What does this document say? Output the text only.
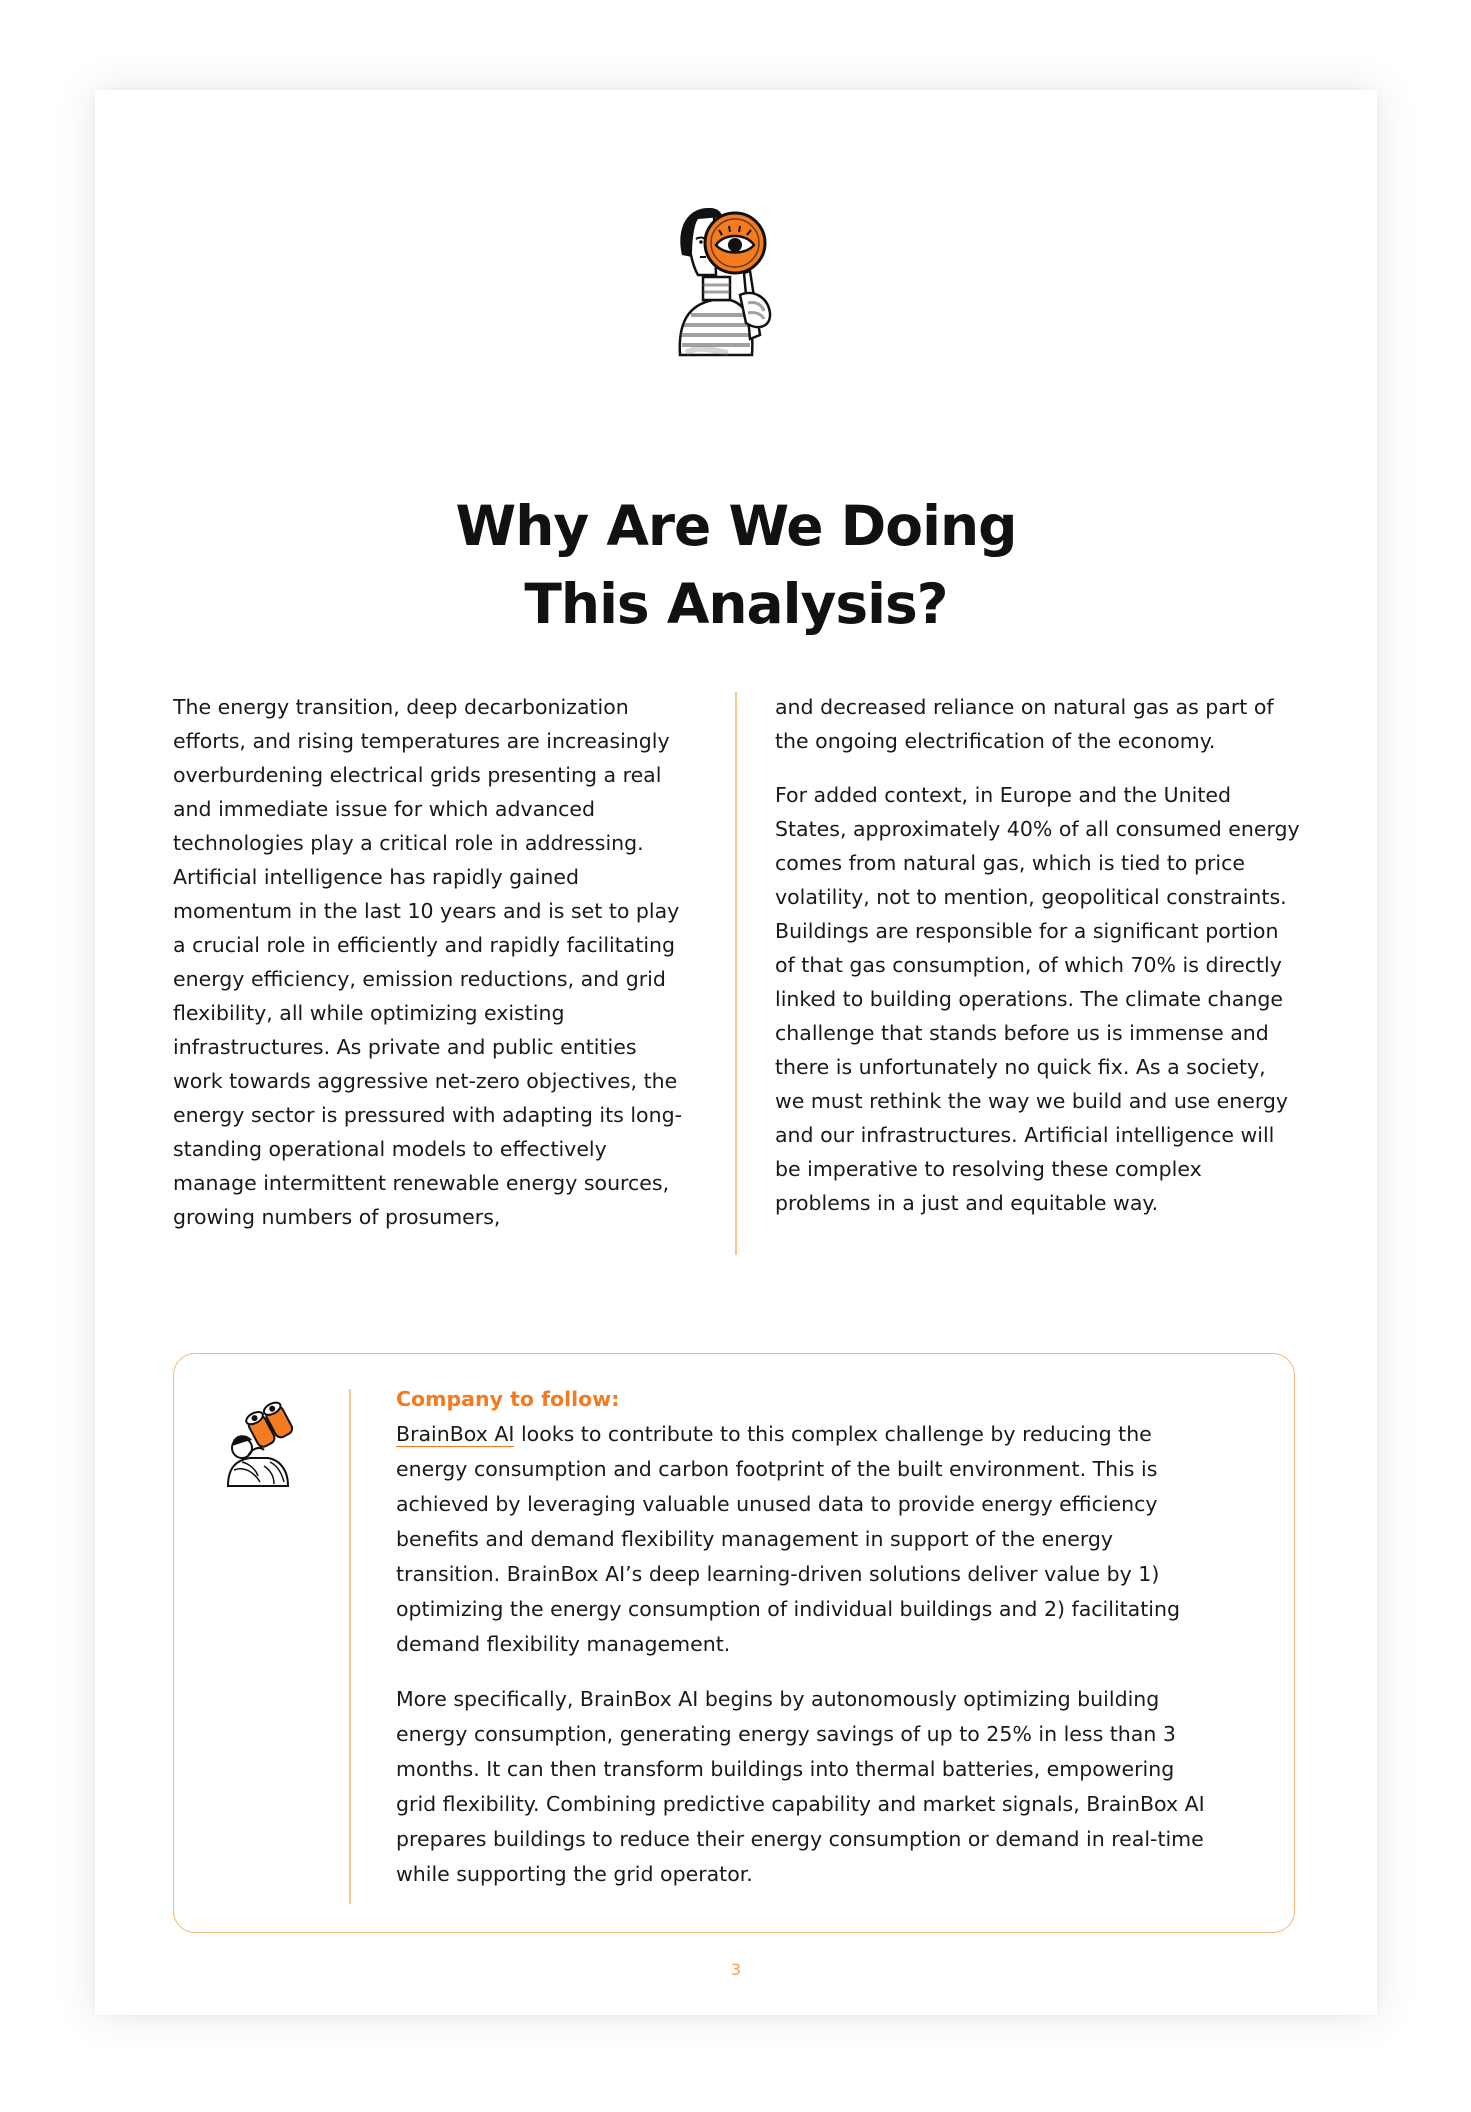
Why Are We Doing
This Analysis?

The energy transition, deep decarbonization efforts, and rising temperatures are increasingly overburdening electrical grids presenting a real and immediate issue for which advanced technologies play a critical role in addressing. Artificial intelligence has rapidly gained momentum in the last 10 years and is set to play a crucial role in efficiently and rapidly facilitating energy efficiency, emission reductions, and grid flexibility, all while optimizing existing infrastructures. As private and public entities work towards aggressive net-zero objectives, the energy sector is pressured with adapting its long-standing operational models to effectively manage intermittent renewable energy sources, growing numbers of prosumers,

and decreased reliance on natural gas as part of the ongoing electrification of the economy.

For added context, in Europe and the United States, approximately 40% of all consumed energy comes from natural gas, which is tied to price volatility, not to mention, geopolitical constraints. Buildings are responsible for a significant portion of that gas consumption, of which 70% is directly linked to building operations. The climate change challenge that stands before us is immense and there is unfortunately no quick fix. As a society, we must rethink the way we build and use energy and our infrastructures. Artificial intelligence will be imperative to resolving these complex problems in a just and equitable way.

Company to follow:

BrainBox AI looks to contribute to this complex challenge by reducing the energy consumption and carbon footprint of the built environment. This is achieved by leveraging valuable unused data to provide energy efficiency benefits and demand flexibility management in support of the energy transition. BrainBox AI’s deep learning-driven solutions deliver value by 1) optimizing the energy consumption of individual buildings and 2) facilitating demand flexibility management.

More specifically, BrainBox AI begins by autonomously optimizing building energy consumption, generating energy savings of up to 25% in less than 3 months. It can then transform buildings into thermal batteries, empowering grid flexibility. Combining predictive capability and market signals, BrainBox AI prepares buildings to reduce their energy consumption or demand in real-time while supporting the grid operator.

3
